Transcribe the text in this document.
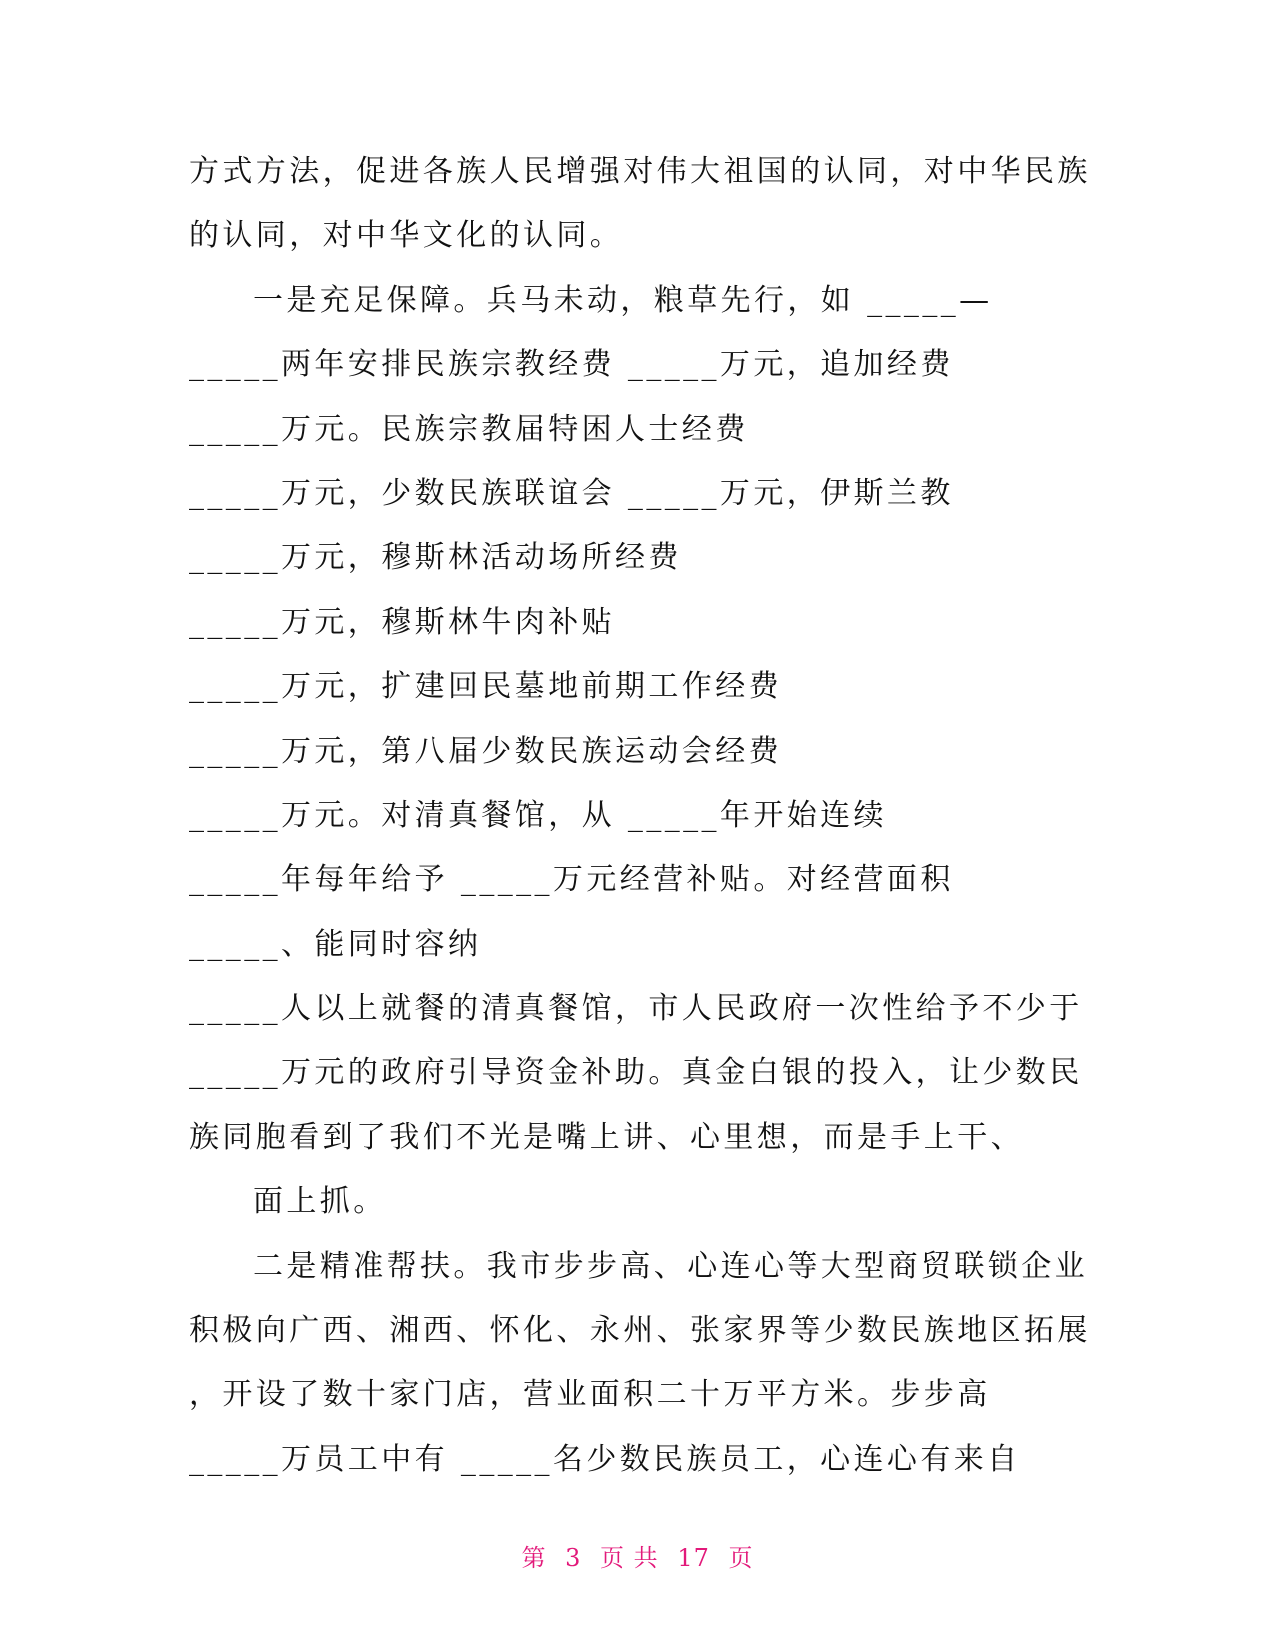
方式方法，促进各族人民增强对伟大祖国的认同，对中华民族
的认同，对中华文化的认同。
一是充足保障。兵马未动，粮草先行，如 _____—
_____两年安排民族宗教经费 _____万元，追加经费
_____万元。民族宗教届特困人士经费
_____万元，少数民族联谊会 _____万元，伊斯兰教
_____万元，穆斯林活动场所经费
_____万元，穆斯林牛肉补贴
_____万元，扩建回民墓地前期工作经费
_____万元，第八届少数民族运动会经费
_____万元。对清真餐馆，从 _____年开始连续
_____年每年给予 _____万元经营补贴。对经营面积
_____、能同时容纳
_____人以上就餐的清真餐馆，市人民政府一次性给予不少于
_____万元的政府引导资金补助。真金白银的投入，让少数民
族同胞看到了我们不光是嘴上讲、心里想，而是手上干、
面上抓。
二是精准帮扶。我市步步高、心连心等大型商贸联锁企业
积极向广西、湘西、怀化、永州、张家界等少数民族地区拓展
，开设了数十家门店，营业面积二十万平方米。步步高
_____万员工中有 _____名少数民族员工，心连心有来自
第 3 页 共 17 页
